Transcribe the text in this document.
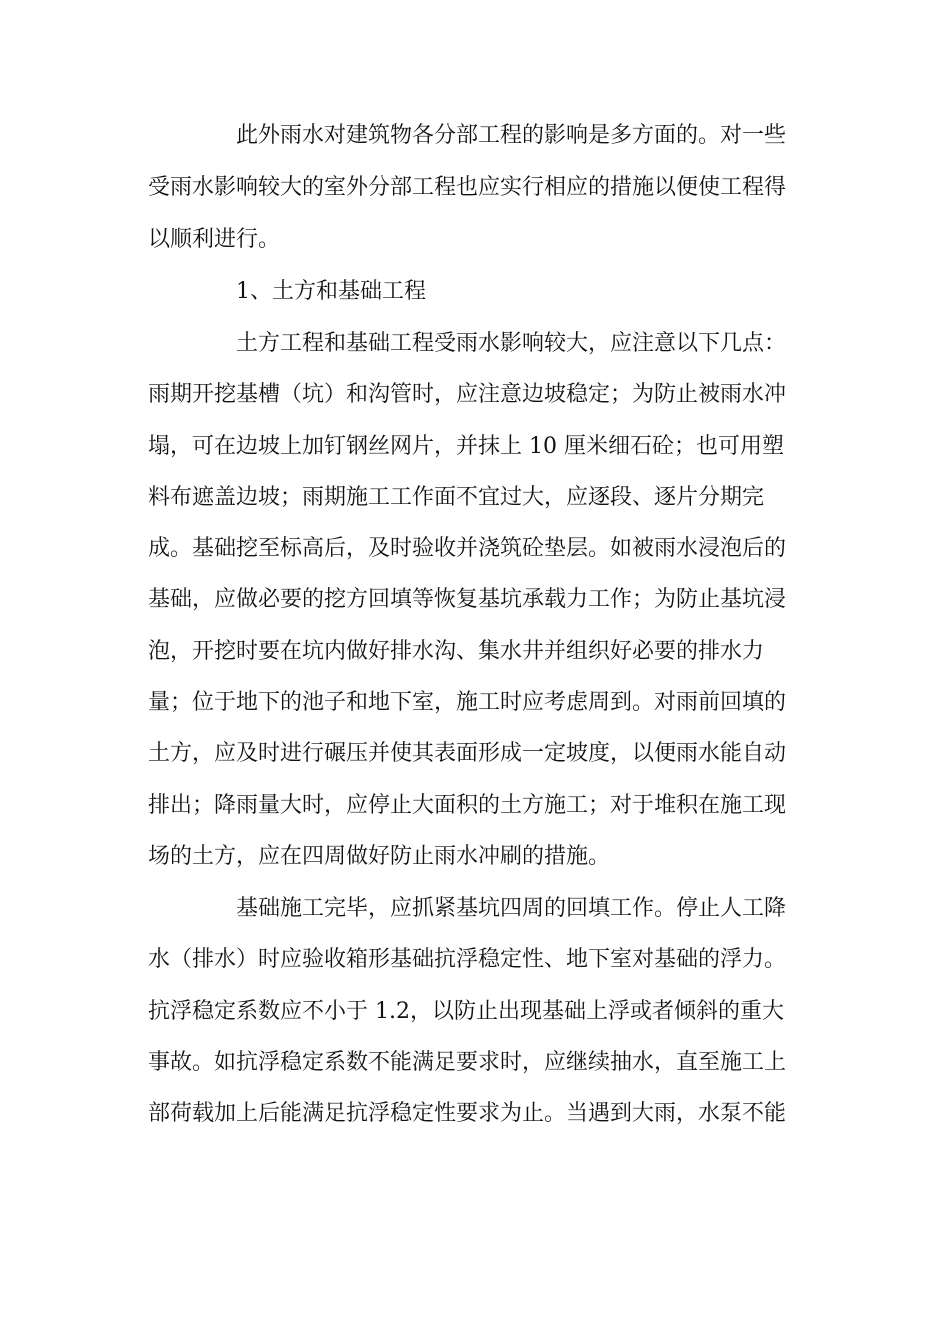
此外雨水对建筑物各分部工程的影响是多方面的。对一些
受雨水影响较大的室外分部工程也应实行相应的措施以便使工程得
以顺利进行。
1、土方和基础工程
土方工程和基础工程受雨水影响较大，应注意以下几点：
雨期开挖基槽（坑）和沟管时，应注意边坡稳定；为防止被雨水冲
塌，可在边坡上加钉钢丝网片，并抹上 10 厘米细石砼；也可用塑
料布遮盖边坡；雨期施工工作面不宜过大，应逐段、逐片分期完
成。基础挖至标高后，及时验收并浇筑砼垫层。如被雨水浸泡后的
基础，应做必要的挖方回填等恢复基坑承载力工作；为防止基坑浸
泡，开挖时要在坑内做好排水沟、集水井并组织好必要的排水力
量；位于地下的池子和地下室，施工时应考虑周到。对雨前回填的
土方，应及时进行碾压并使其表面形成一定坡度，以便雨水能自动
排出；降雨量大时，应停止大面积的土方施工；对于堆积在施工现
场的土方，应在四周做好防止雨水冲刷的措施。
基础施工完毕，应抓紧基坑四周的回填工作。停止人工降
水（排水）时应验收箱形基础抗浮稳定性、地下室对基础的浮力。
抗浮稳定系数应不小于 1.2，以防止出现基础上浮或者倾斜的重大
事故。如抗浮稳定系数不能满足要求时，应继续抽水，直至施工上
部荷载加上后能满足抗浮稳定性要求为止。当遇到大雨，水泵不能
